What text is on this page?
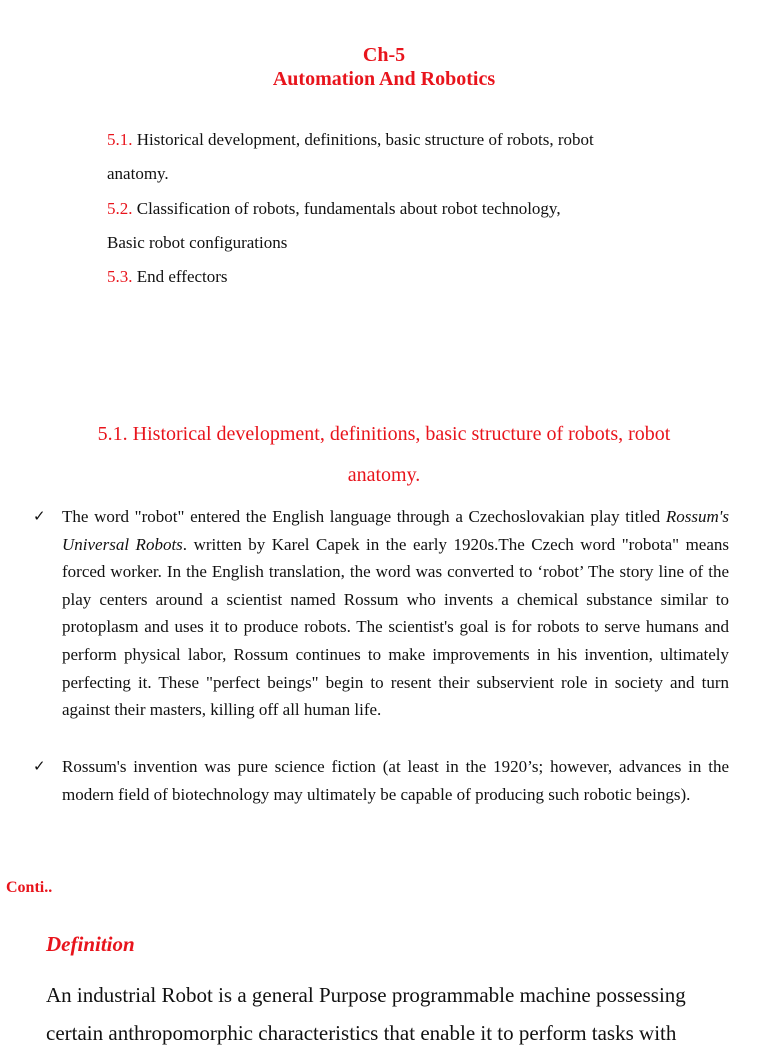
Ch-5
Automation And Robotics
5.1. Historical development, definitions, basic structure of robots, robot
anatomy.
5.2. Classification of robots, fundamentals about robot technology,
Basic robot configurations
5.3. End effectors
5.1. Historical development, definitions, basic structure of robots, robot
anatomy.
✓ The word "robot" entered the English language through a Czechoslovakian play titled Rossum's Universal Robots. written by Karel Capek in the early 1920s.The Czech word "robota" means forced worker. In the English translation, the word was converted to ‘robot’ The story line of the play centers around a scientist named Rossum who invents a chemical substance similar to protoplasm and uses it to produce robots. The scientist's goal is for robots to serve humans and perform physical labor, Rossum continues to make improvements in his invention, ultimately perfecting it. These "perfect beings" begin to resent their subservient role in society and turn against their masters, killing off all human life.
✓ Rossum's invention was pure science fiction (at least in the 1920’s; however, advances in the modern field of biotechnology may ultimately be capable of producing such robotic beings).
Conti..
Definition
An industrial Robot is a general Purpose programmable machine possessing
certain anthropomorphic characteristics that enable it to perform tasks with
